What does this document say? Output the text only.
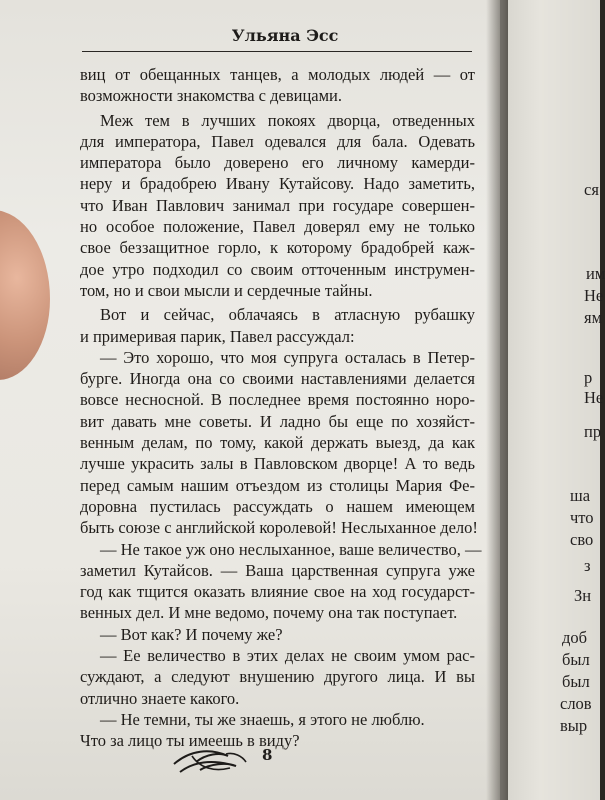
ся
им
Не
ям
р
Не
пр
ша
что
сво
з
Зн
доб
был
был
слов
выр
Ульяна Эсс
виц от обещанных танцев, а молодых людей — от
возможности знакомства с девицами.
Меж тем в лучших покоях дворца, отведенных
для императора, Павел одевался для бала. Одевать
императора было доверено его личному камерди-
неру и брадобрею Ивану Кутайсову. Надо заметить,
что Иван Павлович занимал при государе совершен-
но особое положение, Павел доверял ему не только
свое беззащитное горло, к которому брадобрей каж-
дое утро подходил со своим отточенным инструмен-
том, но и свои мысли и сердечные тайны.
Вот и сейчас, облачаясь в атласную рубашку
и примеривая парик, Павел рассуждал:
— Это хорошо, что моя супруга осталась в Петер-
бурге. Иногда она со своими наставлениями делается
вовсе несносной. В последнее время постоянно норо-
вит давать мне советы. И ладно бы еще по хозяйст-
венным делам, по тому, какой держать выезд, да как
лучше украсить залы в Павловском дворце! А то ведь
перед самым нашим отъездом из столицы Мария Фе-
доровна пустилась рассуждать о нашем имеющем
быть союзе с английской королевой! Неслыханное дело!
— Не такое уж оно неслыханное, ваше величество, —
заметил Кутайсов. — Ваша царственная супруга уже
год как тщится оказать влияние свое на ход государст-
венных дел. И мне ведомо, почему она так поступает.
— Вот как? И почему же?
— Ее величество в этих делах не своим умом рас-
суждают, а следуют внушению другого лица. И вы
отлично знаете какого.
— Не темни, ты же знаешь, я этого не люблю.
Что за лицо ты имеешь в виду?
8
